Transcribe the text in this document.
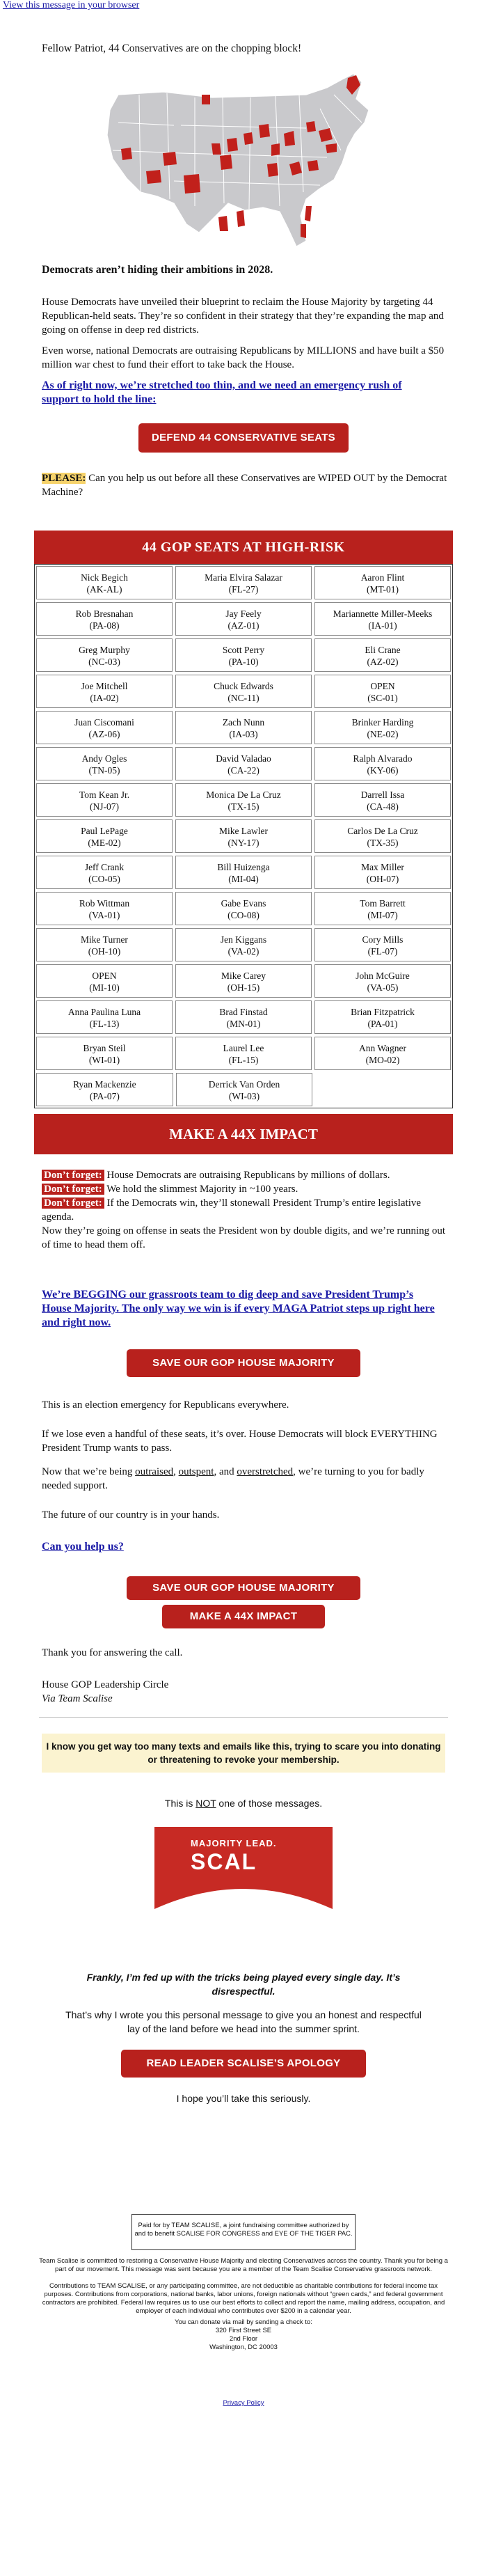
View this message in your browser

Fellow Patriot, 44 Conservatives are on the chopping block!

Democrats aren’t hiding their ambitions in 2028.

House Democrats have unveiled their blueprint to reclaim the House Majority by targeting 44 Republican-held seats. They’re so confident in their strategy that they’re expanding the map and going on offense in deep red districts.

Even worse, national Democrats are outraising Republicans by MILLIONS and have built a $50 million war chest to fund their effort to take back the House.

As of right now, we’re stretched too thin, and we need an emergency rush of support to hold the line:
DEFEND 44 CONSERVATIVE SEATS

PLEASE: Can you help us out before all these Conservatives are WIPED OUT by the Democrat Machine?

44 GOP SEATS AT HIGH-RISK
Nick Begich
(AK-AL)
Maria Elvira Salazar
(FL-27)
Aaron Flint
(MT-01)
Rob Bresnahan
(PA-08)
Jay Feely
(AZ-01)
Mariannette Miller-Meeks
(IA-01)
Greg Murphy
(NC-03)
Scott Perry
(PA-10)
Eli Crane
(AZ-02)
Joe Mitchell
(IA-02)
Chuck Edwards
(NC-11)
OPEN
(SC-01)
Juan Ciscomani
(AZ-06)
Zach Nunn
(IA-03)
Brinker Harding
(NE-02)
Andy Ogles
(TN-05)
David Valadao
(CA-22)
Ralph Alvarado
(KY-06)
Tom Kean Jr.
(NJ-07)
Monica De La Cruz
(TX-15)
Darrell Issa
(CA-48)
Paul LePage
(ME-02)
Mike Lawler
(NY-17)
Carlos De La Cruz
(TX-35)
Jeff Crank
(CO-05)
Bill Huizenga
(MI-04)
Max Miller
(OH-07)
Rob Wittman
(VA-01)
Gabe Evans
(CO-08)
Tom Barrett
(MI-07)
Mike Turner
(OH-10)
Jen Kiggans
(VA-02)
Cory Mills
(FL-07)
OPEN
(MI-10)
Mike Carey
(OH-15)
John McGuire
(VA-05)
Anna Paulina Luna
(FL-13)
Brad Finstad
(MN-01)
Brian Fitzpatrick
(PA-01)
Bryan Steil
(WI-01)
Laurel Lee
(FL-15)
Ann Wagner
(MO-02)
Ryan Mackenzie
(PA-07)
Derrick Van Orden
(WI-03)
MAKE A 44X IMPACT
Don’t forget: House Democrats are outraising Republicans by millions of dollars.
Don’t forget: We hold the slimmest Majority in ~100 years.
Don’t forget: If the Democrats win, they’ll stonewall President Trump’s entire legislative agenda.
Now they’re going on offense in seats the President won by double digits, and we’re running out of time to head them off.
We’re BEGGING our grassroots team to dig deep and save President Trump’s House Majority. The only way we win is if every MAGA Patriot steps up right here and right now.
SAVE OUR GOP HOUSE MAJORITY

This is an election emergency for Republicans everywhere.

If we lose even a handful of these seats, it’s over. House Democrats will block EVERYTHING President Trump wants to pass.

Now that we’re being outraised, outspent, and overstretched, we’re turning to you for badly needed support.

The future of our country is in your hands.

Can you help us?
SAVE OUR GOP HOUSE MAJORITY
MAKE A 44X IMPACT

Thank you for answering the call.

House GOP Leadership Circle

Via Team Scalise

I know you get way too many texts and emails like this, trying to scare you into donating or threatening to revoke your membership.

This is NOT one of those messages.

MAJORITY LEAD.
SCAL

Frankly, I’m fed up with the tricks being played every single day. It’s disrespectful.

That’s why I wrote you this personal message to give you an honest and respectful lay of the land before we head into the summer sprint.

READ LEADER SCALISE’S APOLOGY

I hope you’ll take this seriously.

Paid for by TEAM SCALISE, a joint fundraising committee authorized by and to benefit SCALISE FOR CONGRESS and EYE OF THE TIGER PAC.
Team Scalise is committed to restoring a Conservative House Majority and electing Conservatives across the country. Thank you for being a part of our movement. This message was sent because you are a member of the Team Scalise Conservative grassroots network.
Contributions to TEAM SCALISE, or any participating committee, are not deductible as charitable contributions for federal income tax purposes. Contributions from corporations, national banks, labor unions, foreign nationals without “green cards,” and federal government contractors are prohibited. Federal law requires us to use our best efforts to collect and report the name, mailing address, occupation, and employer of each individual who contributes over $200 in a calendar year.
You can donate via mail by sending a check to:
320 First Street SE
2nd Floor
Washington, DC 20003
Privacy Policy
